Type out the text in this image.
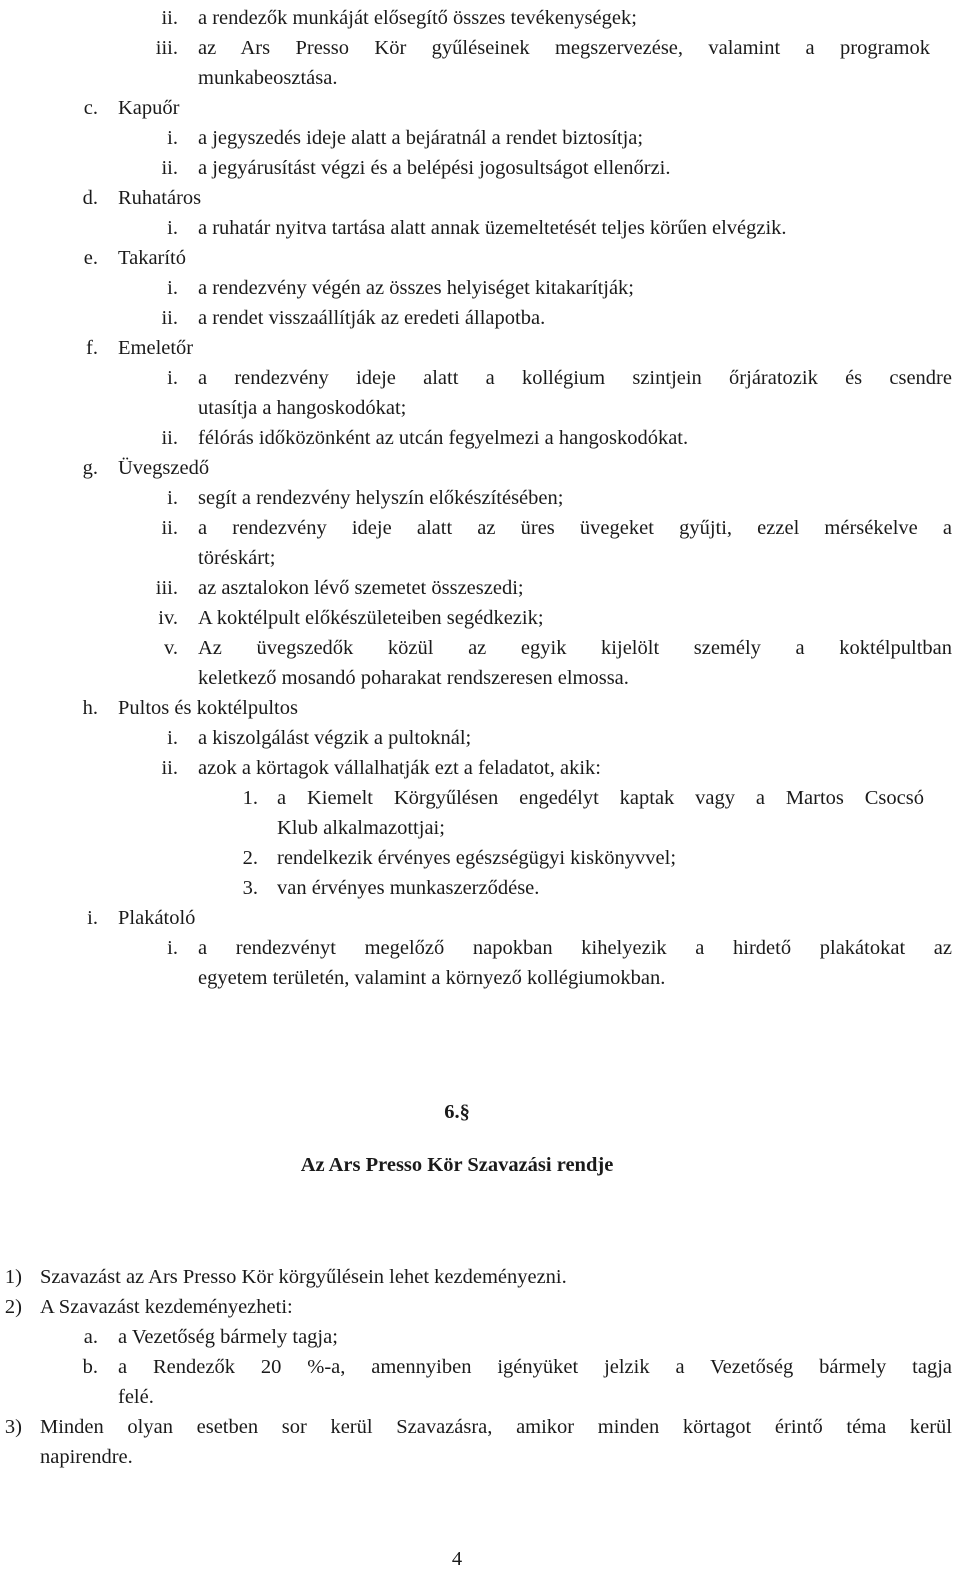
ii. a rendezők munkáját elősegítő összes tevékenységek;
iii. az Ars Presso Kör gyűléseinek megszervezése, valamint a programok
munkabeosztása.
c. Kapuőr
i. a jegyszedés ideje alatt a bejáratnál a rendet biztosítja;
ii. a jegyárusítást végzi és a belépési jogosultságot ellenőrzi.
d. Ruhatáros
i. a ruhatár nyitva tartása alatt annak üzemeltetését teljes körűen elvégzik.
e. Takarító
i. a rendezvény végén az összes helyiséget kitakarítják;
ii. a rendet visszaállítják az eredeti állapotba.
f. Emeletőr
i. a rendezvény ideje alatt a kollégium szintjein őrjáratozik és csendre
utasítja a hangoskodókat;
ii. félórás időközönként az utcán fegyelmezi a hangoskodókat.
g. Üvegszedő
i. segít a rendezvény helyszín előkészítésében;
ii. a rendezvény ideje alatt az üres üvegeket gyűjti, ezzel mérsékelve a
töréskárt;
iii. az asztalokon lévő szemetet összeszedi;
iv. A koktélpult előkészületeiben segédkezik;
v. Az üvegszedők közül az egyik kijelölt személy a koktélpultban
keletkező mosandó poharakat rendszeresen elmossa.
h. Pultos és koktélpultos
i. a kiszolgálást végzik a pultoknál;
ii. azok a körtagok vállalhatják ezt a feladatot, akik:
1. a Kiemelt Körgyűlésen engedélyt kaptak vagy a Martos Csocsó
Klub alkalmazottjai;
2. rendelkezik érvényes egészségügyi kiskönyvvel;
3. van érvényes munkaszerződése.
i. Plakátoló
i. a rendezvényt megelőző napokban kihelyezik a hirdető plakátokat az
egyetem területén, valamint a környező kollégiumokban.
1) Szavazást az Ars Presso Kör körgyűlésein lehet kezdeményezni.
2) A Szavazást kezdeményezheti:
a. a Vezetőség bármely tagja;
b. a Rendezők 20 %-a, amennyiben igényüket jelzik a Vezetőség bármely tagja
felé.
3) Minden olyan esetben sor kerül Szavazásra, amikor minden körtagot érintő téma kerül
napirendre.
6.§
Az Ars Presso Kör Szavazási rendje
4
